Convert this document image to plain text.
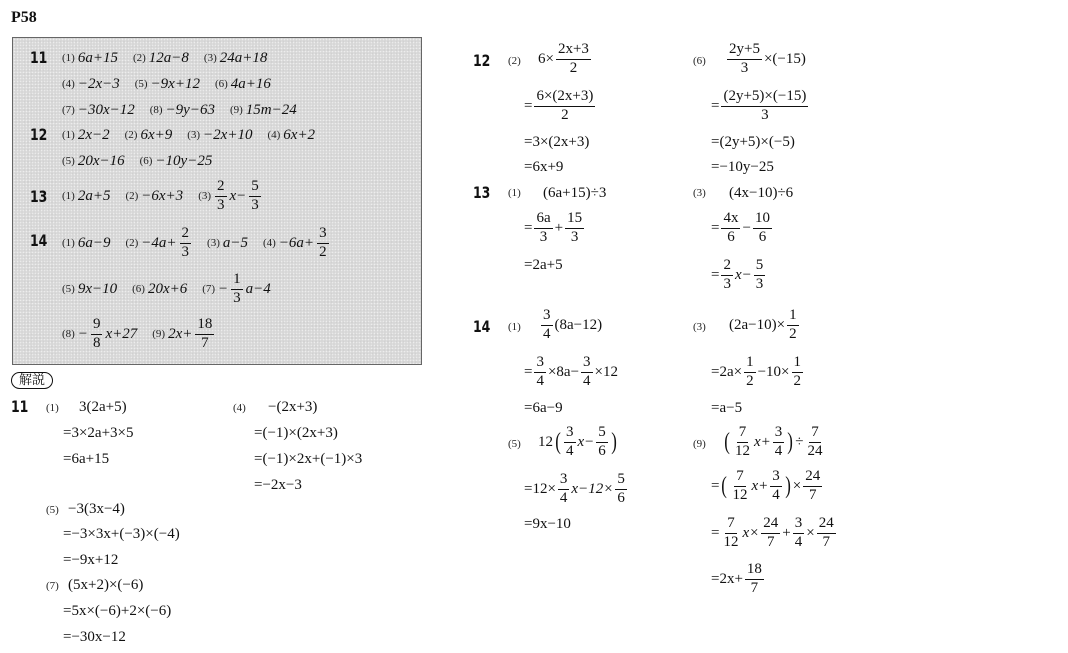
P58
11 (1) 6a+15 (2) 12a−8 (3) 24a+18
(4) −2x−3 (5) −9x+12 (6) 4a+16
(7) −30x−12 (8) −9y−63 (9) 15m−24
12 (1) 2x−2 (2) 6x+9 (3) −2x+10 (4) 6x+2
(5) 20x−16 (6) −10y−25
13 (1) 2a+5 (2) −6x+3 $(3) \frac{2}{3} x- \frac{5}{3}$
14 (1) 6a−9 $(2) -4a+ \frac{2}{3} (3)$ a−5 $(4) -6a+ \frac{3}{2}$
(5) 9x−10 (6) 20x+6 $(7) - \frac{1}{3} a-4$
$(8) - \frac{9}{8} x+27$ (9) $2x+ \frac{18}{7}$
解説
11 (1) 3(2a+5)
=3×2a+3×5
=6a+15
(4) −(2x+3)
=(−1)×(2x+3)
=(−1)×2x+(−1)×3
=−2x−3
(5) −3(3x−4)
=−3×3x+(−3)×(−4)
=−9x+12
(7) (5x+2)×(−6)
=5x×(−6)+2×(−6)
=−30x−12
12 (2) $6\times \frac{2x+3}{2}$
= $\frac{6\times(2x+3)}{2}$
=3×(2x+3)
=6x+9
$(6) \frac{2y+5}{3} \times(-15)$
= $\frac{(2y+5)\times(-15)}{3}$
=(2y+5)×(−5)
=−10y−25
13 (1) (6a+15)÷3
= $\frac{6a}{3} + \frac{15}{3}$
=2a+5
(3) (4x−10)÷6
= $\frac{4x}{6} - \frac{10}{6}$
= $\frac{2}{3} x- \frac{5}{3}$
14 $(1) \frac{3}{4} (8a-12)$
= $\frac{3}{4} \times 8a- \frac{3}{4} \times 12$
=6a−9
(3) $(2a-10)\times \frac{1}{2}$
$=2a\times \frac{1}{2} -10\times \frac{1}{2}$
=a−5
(5) 12 ( $\frac{3}{4} x- \frac{5}{6}$ )
$=12\times \frac{3}{4} x-12\times \frac{5}{6}$
=9x−10
(9) ( $\frac{7}{12} x+ \frac{3}{4}$ ) ÷ $\frac{7}{24}$
= ( $\frac{7}{12} x+ \frac{3}{4}$ ) × $\frac{24}{7}$
= $\frac{7}{12} x\times \frac{24}{7} + \frac{3}{4} \times \frac{24}{7}$
$=2x+ \frac{18}{7}$
